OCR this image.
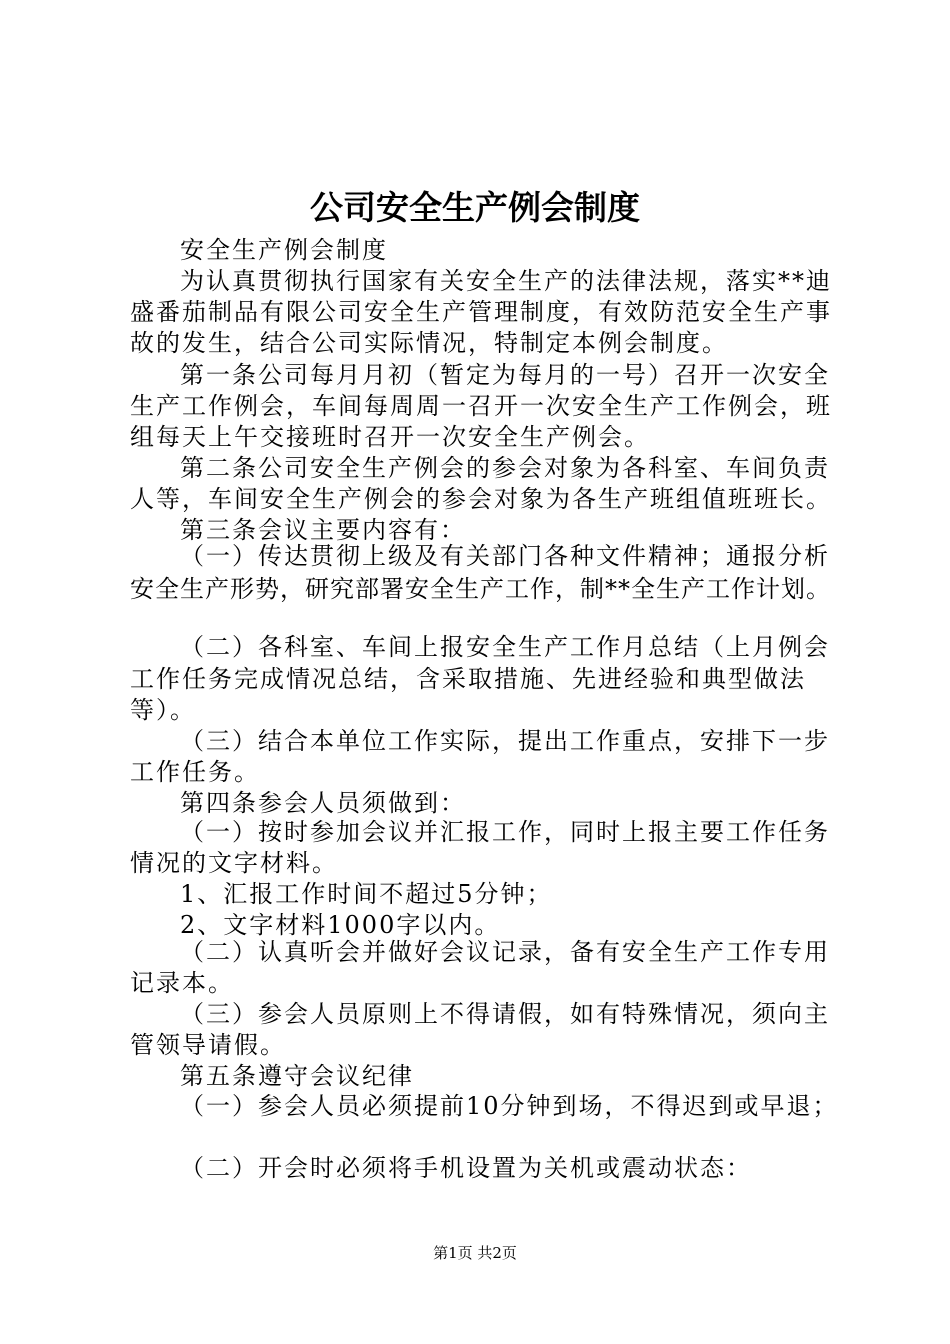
公司安全生产例会制度
安全生产例会制度
为认真贯彻执行国家有关安全生产的法律法规，落实**迪
盛番茄制品有限公司安全生产管理制度，有效防范安全生产事
故的发生，结合公司实际情况，特制定本例会制度。
第一条公司每月月初（暂定为每月的一号）召开一次安全
生产工作例会，车间每周周一召开一次安全生产工作例会，班
组每天上午交接班时召开一次安全生产例会。
第二条公司安全生产例会的参会对象为各科室、车间负责
人等，车间安全生产例会的参会对象为各生产班组值班班长。
第三条会议主要内容有：
（一）传达贯彻上级及有关部门各种文件精神；通报分析
安全生产形势，研究部署安全生产工作，制**全生产工作计划。
（二）各科室、车间上报安全生产工作月总结（上月例会
工作任务完成情况总结，含采取措施、先进经验和典型做法
等）。
（三）结合本单位工作实际，提出工作重点，安排下一步
工作任务。
第四条参会人员须做到：
（一）按时参加会议并汇报工作，同时上报主要工作任务
情况的文字材料。
1、汇报工作时间不超过5分钟；
2、文字材料1000字以内。
（二）认真听会并做好会议记录，备有安全生产工作专用
记录本。
（三）参会人员原则上不得请假，如有特殊情况，须向主
管领导请假。
第五条遵守会议纪律
（一）参会人员必须提前10分钟到场，不得迟到或早退；
（二）开会时必须将手机设置为关机或震动状态：
第1页 共2页
